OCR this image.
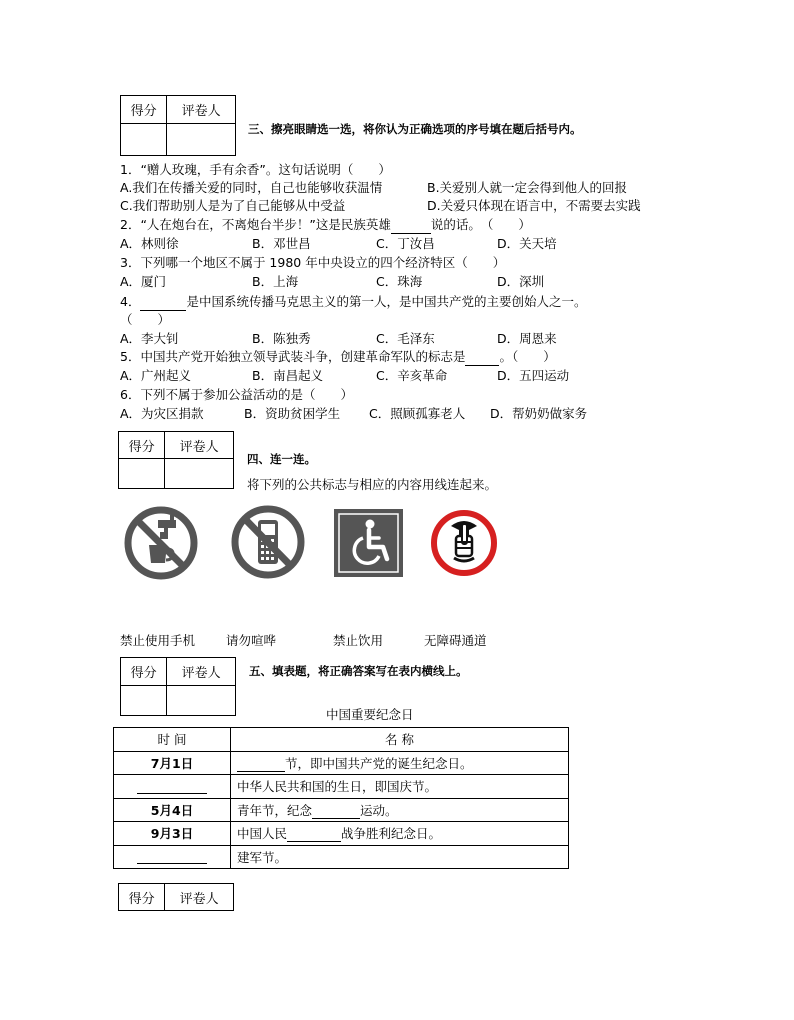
得分	评卷人

三、擦亮眼睛选一选，将你认为正确选项的序号填在题后括号内。
1．“赠人玫瑰，手有余香”。这句话说明（　　）
A.我们在传播关爱的同时，自己也能够收获温情	B.关爱别人就一定会得到他人的回报
C.我们帮助别人是为了自己能够从中受益	D.关爱只体现在语言中，不需要去实践
2．“人在炮台在，不离炮台半步！”这是民族英雄	说的话。　（　　）
A．林则徐	B．邓世昌	C．丁汝昌	D．关天培
3．下列哪一个地区不属于 1980 年中央设立的四个经济特区（　　）
A．厦门	B．上海	C．珠海	D．深圳
4．	是中国系统传播马克思主义的第一人，是中国共产党的主要创始人之一。
（　　）
A．李大钊	B．陈独秀	C．毛泽东	D．周恩来
5．中国共产党开始独立领导武装斗争，创建革命军队的标志是	。（　　）
A．广州起义	B．南昌起义	C．辛亥革命	D．五四运动
6．下列不属于参加公益活动的是（　　）
A．为灾区捐款	B．资助贫困学生 C．照顾孤寡老人 D．帮奶奶做家务
得分	评卷人

四、连一连。
将下列的公共标志与相应的内容用线连起来。
禁止使用手机 请勿喧哗	禁止饮用	无障碍通道
得分	评卷人
	五、填表题，将正确答案写在表内横线上。
中国重要纪念日
时 间	名 称
7月1日	节，即中国共产党的诞生纪念日。
	中华人民共和国的生日，即国庆节。
5月4日	青年节，纪念 运动。
9月3日	中国人民 战争胜利纪念日。
	建军节。
得分	评卷人
